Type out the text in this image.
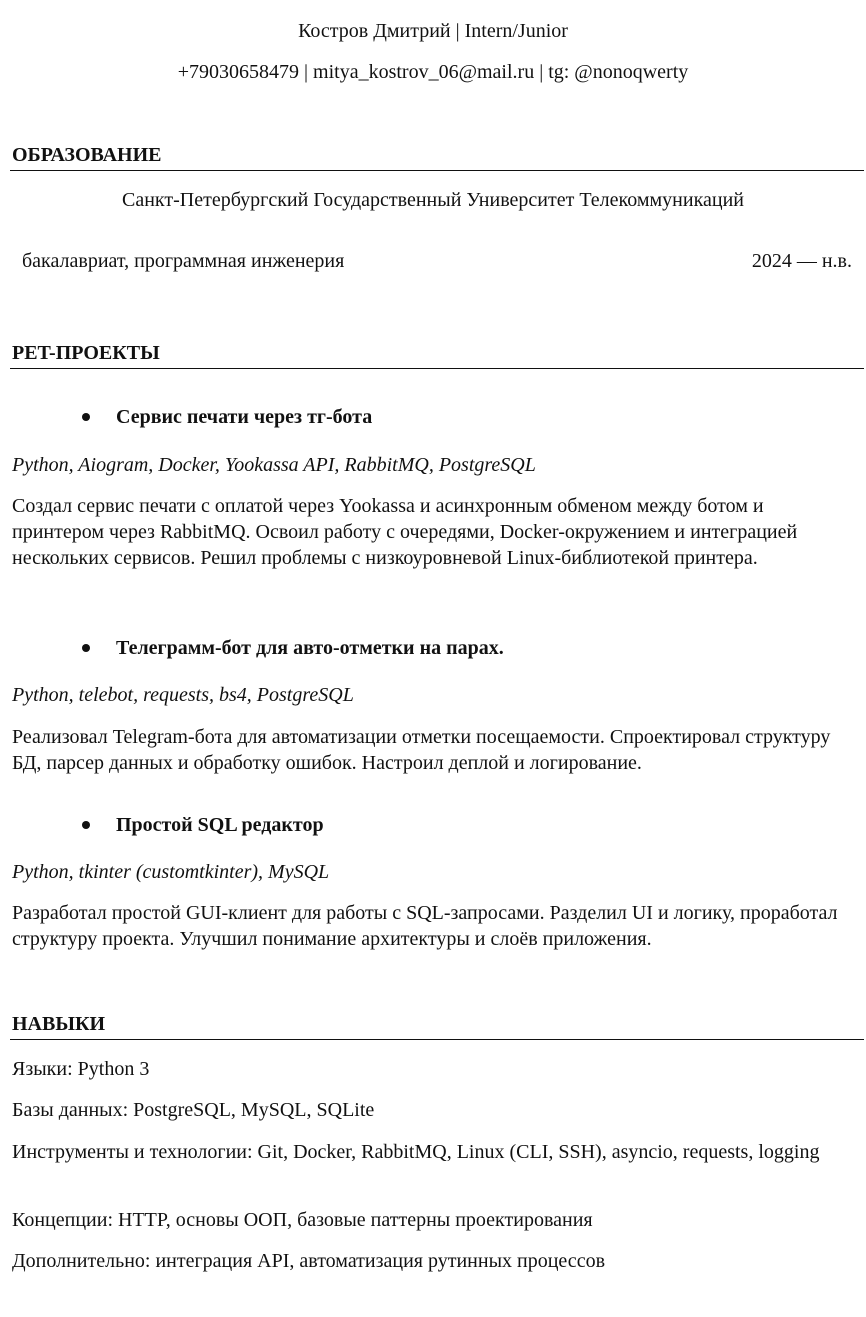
Костров Дмитрий | Intern/Junior
+79030658479 | mitya_kostrov_06@mail.ru | tg: @nonoqwerty
ОБРАЗОВАНИЕ
Санкт-Петербургский Государственный Университет Телекоммуникаций
бакалавриат, программная инженерия	2024 — н.в.
PET-ПРОЕКТЫ
Сервис печати через тг-бота
Python, Aiogram, Docker, Yookassa API, RabbitMQ, PostgreSQL
Создал сервис печати с оплатой через Yookassa и асинхронным обменом между ботом и принтером через RabbitMQ. Освоил работу с очередями, Docker-окружением и интеграцией нескольких сервисов. Решил проблемы с низкоуровневой Linux-библиотекой принтера.
Телеграмм-бот для авто-отметки на парах.
Python, telebot, requests, bs4, PostgreSQL
Реализовал Telegram-бота для автоматизации отметки посещаемости. Спроектировал структуру БД, парсер данных и обработку ошибок. Настроил деплой и логирование.
Простой SQL редактор
Python, tkinter (customtkinter), MySQL
Разработал простой GUI-клиент для работы с SQL-запросами. Разделил UI и логику, проработал структуру проекта. Улучшил понимание архитектуры и слоёв приложения.
НАВЫКИ
Языки: Python 3
Базы данных: PostgreSQL, MySQL, SQLite
Инструменты и технологии: Git, Docker, RabbitMQ, Linux (CLI, SSH), asyncio, requests, logging
Концепции: HTTP, основы ООП, базовые паттерны проектирования
Дополнительно: интеграция API, автоматизация рутинных процессов
